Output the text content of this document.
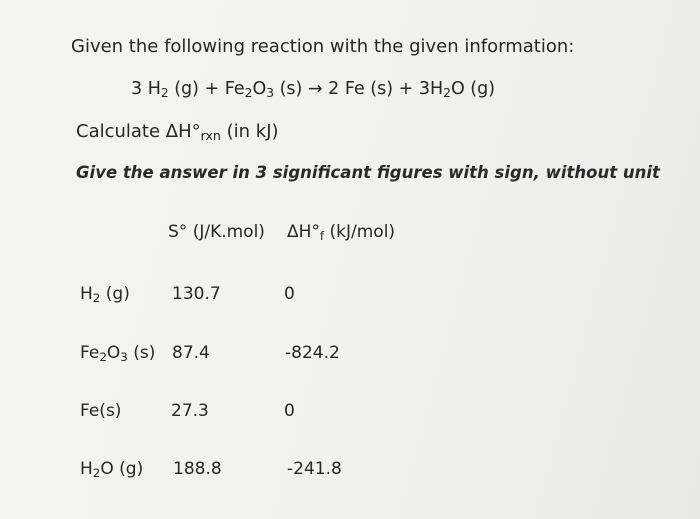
Given the following reaction with the given information:
3 $H_2$ $(g) + Fe_2O_3$ (s) → 2 Fe $(s) + 3H_2O$ (g)
Calculate $\Delta H^\circ_{rxn}$ (in kJ)
Give the answer in 3 significant figures with sign, without unit
S° (J/K.mol) $\Delta H^\circ_f$ (kJ/mol)
$H_2$ (g) 130.7	0
$Fe_2O_3$ (s) 87.4	-824.2
Fe(s)	27.3	0
$H_2O$ (g) 188.8	-241.8
